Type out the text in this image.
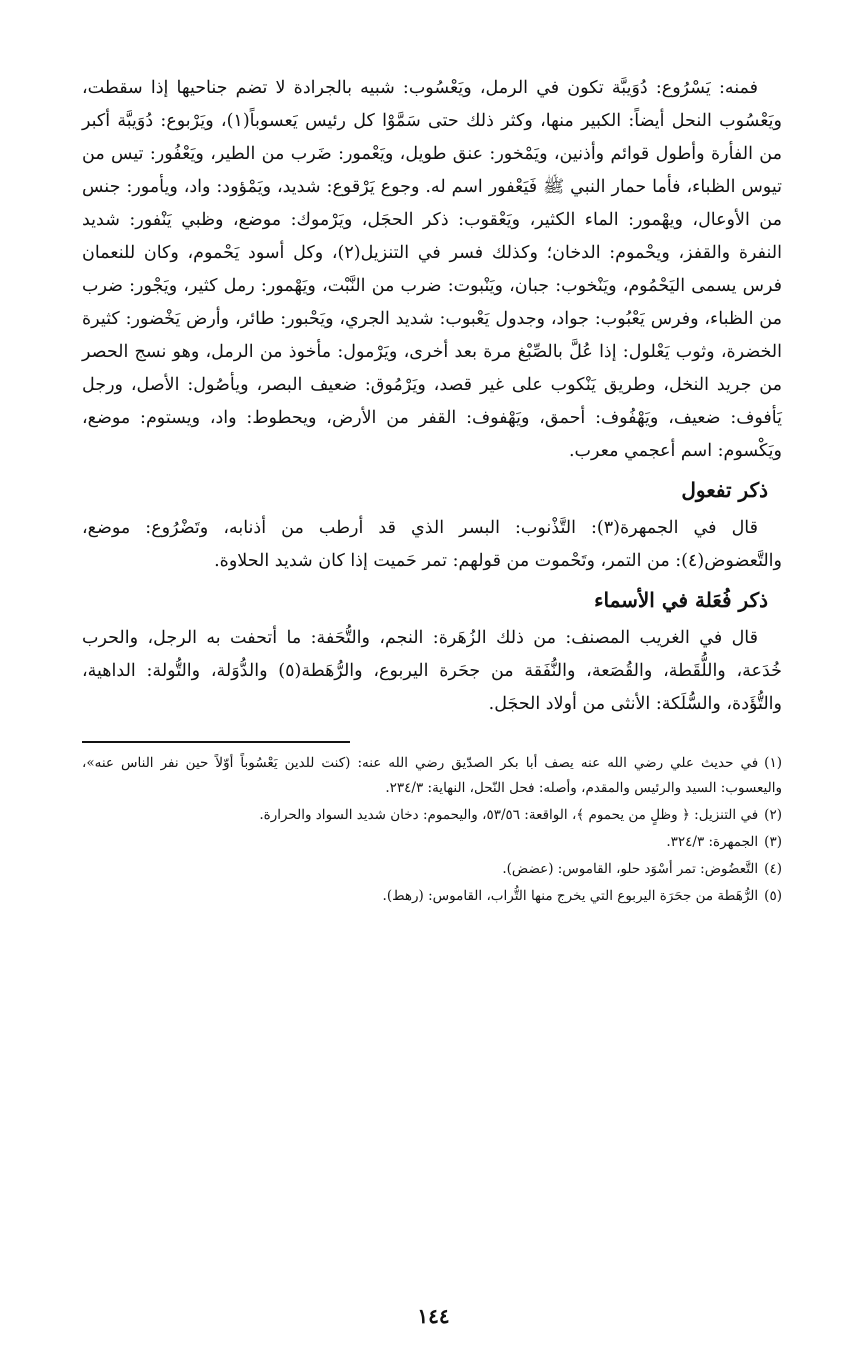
فمنه: يَسْرُوع: دُوَيبَّة تكون في الرمل، ويَعْسُوب: شبيه بالجرادة لا تضم جناحيها إذا سقطت، ويَعْسُوب النحل أيضاً: الكبير منها، وكثر ذلك حتى سَمَّوْا كل رئيس يَعسوباً(١)، ويَرْبوع: دُوَيبَّة أكبر من الفأرة وأطول قوائم وأذنين، ويَمْخور: عنق طويل، ويَعْمور: ضَرب من الطير، ويَعْفُور: تيس من تيوس الظباء، فأما حمار النبي ﷺ فَيَعْفور اسم له. وجوع يَرْقوع: شديد، ويَمْؤود: واد، ويأمور: جنس من الأوعال، ويهْمور: الماء الكثير، ويَعْقوب: ذكر الحجَل، ويَرْموك: موضع، وظبي يَنْفور: شديد النفرة والقفز، ويحْموم: الدخان؛ وكذلك فسر في التنزيل(٢)، وكل أسود يَحْموم، وكان للنعمان فرس يسمى اليَحْمُوم، ويَنْخوب: جبان، ويَنْبوت: ضرب من النَّبْت، ويَهْمور: رمل كثير، ويَجْور: ضرب من الظباء، وفرس يَعْبُوب: جواد، وجدول يَعْبوب: شديد الجري، ويَحْبور: طائر، وأرض يَخْضور: كثيرة الخضرة، وثوب يَعْلول: إذا عُلَّ بالصِّبْغ مرة بعد أخرى، ويَرْمول: مأخوذ من الرمل، وهو نسج الحصر من جريد النخل، وطريق يَنْكوب على غير قصد، ويَرْمُوق: ضعيف البصر، ويأصُول: الأصل، ورجل يَأفوف: ضعيف، ويَهْفُوف: أحمق، ويَهْفوف: القفر من الأرض، ويحطوط: واد، ويستوم: موضع، ويَكْسوم: اسم أعجمي معرب.

ذكر تفعول

قال في الجمهرة(٣): التَّذْنوب: البسر الذي قد أرطب من أذنابه، وتَضْرُوع: موضع، والتَّعضوض(٤): من التمر، وتَحْموت من قولهم: تمر حَميت إذا كان شديد الحلاوة.

ذكر فُعَلة في الأسماء

قال في الغريب المصنف: من ذلك الزُهَرة: النجم، والتُّحَفة: ما أتحفت به الرجل، والحرب خُدَعة، واللُّقَطة، والقُصَعة، والنُّفَقة من جحَرة اليربوع، والرُّهَطة(٥) والدُّوَلة، والتُّولة: الداهية، والتُّؤَدة، والسُّلَكة: الأنثى من أولاد الحجَل.

(١)في حديث علي رضي الله عنه يصف أبا بكر الصدّيق رضي الله عنه: (كنت للدين يَعْسُوباً أوّلاً حين نفر الناس عنه»، واليعسوب: السيد والرئيس والمقدم، وأصله: فحل النّحل، النهاية: ٢٣٤/٣.

(٢)في التنزيل: ﴿ وظلٍ من يحموم ﴾، الواقعة: ٥٣/٥٦، واليحموم: دخان شديد السواد والحرارة.

(٣)الجمهرة: ٣٢٤/٣.

(٤)التَّعضُوض: تمر أسْوَد حلو، القاموس: (عضض).

(٥)الرُّهَطة من جحَرَة اليربوع التي يخرج منها التُّراب، القاموس: (رهط).

١٤٤
